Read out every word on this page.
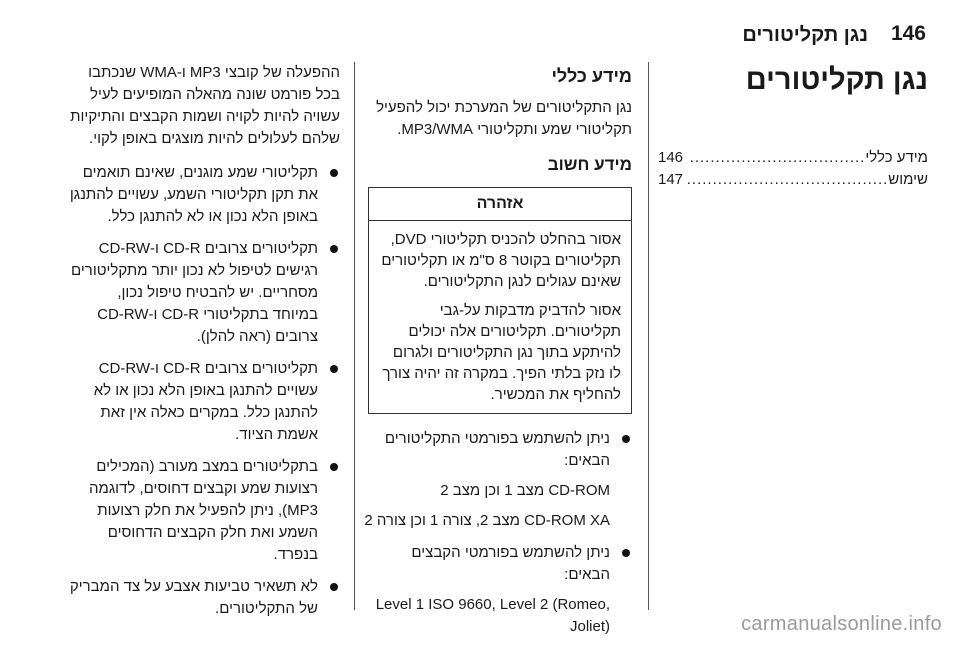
146
נגן תקליטורים
נגן תקליטורים
מידע כללי
..................................
146
שימוש
.......................................
147
מידע כללי

נגן התקליטורים של המערכת יכול להפעיל תקליטורי שמע ותקליטורי MP3/WMA.

מידע חשוב
אזהרה

אסור בהחלט להכניס תקליטורי DVD, תקליטורים בקוטר 8 ס"מ או תקליטורים שאינם עגולים לנגן התקליטורים.

אסור להדביק מדבקות על-גבי תקליטורים. תקליטורים אלה יכולים להיתקע בתוך נגן התקליטורים ולגרום לו נזק בלתי הפיך. במקרה זה יהיה צורך להחליף את המכשיר.

ניתן להשתמש בפורמטי התקליטורים הבאים:
CD-ROM מצב 1 וכן מצב 2
CD-ROM XA מצב 2, צורה 1 וכן צורה 2
ניתן להשתמש בפורמטי הקבצים הבאים:
Level 1 ISO 9660, Level 2 (Romeo, Joliet)

ההפעלה של קובצי MP3 ו-WMA שנכתבו בכל פורמט שונה מהאלה המופיעים לעיל עשויה להיות לקויה ושמות הקבצים והתיקיות שלהם לעלולים להיות מוצגים באופן לקוי.

תקליטורי שמע מוגנים, שאינם תואמים את תקן תקליטורי השמע, עשויים להתנגן באופן הלא נכון או לא להתנגן כלל.
תקליטורים צרובים CD-R ו-CD-RW רגישים לטיפול לא נכון יותר מתקליטורים מסחריים. יש להבטיח טיפול נכון, במיוחד בתקליטורי CD-R ו-CD-RW צרובים (ראה להלן).
תקליטורים צרובים CD-R ו-CD-RW עשויים להתנגן באופן הלא נכון או לא להתנגן כלל. במקרים כאלה אין זאת אשמת הציוד.
בתקליטורים במצב מעורב (המכילים רצועות שמע וקבצים דחוסים, לדוגמה MP3), ניתן להפעיל את חלק רצועות השמע ואת חלק הקבצים הדחוסים בנפרד.
לא תשאיר טביעות אצבע על צד המבריק של התקליטורים.
carmanualsonline.info
